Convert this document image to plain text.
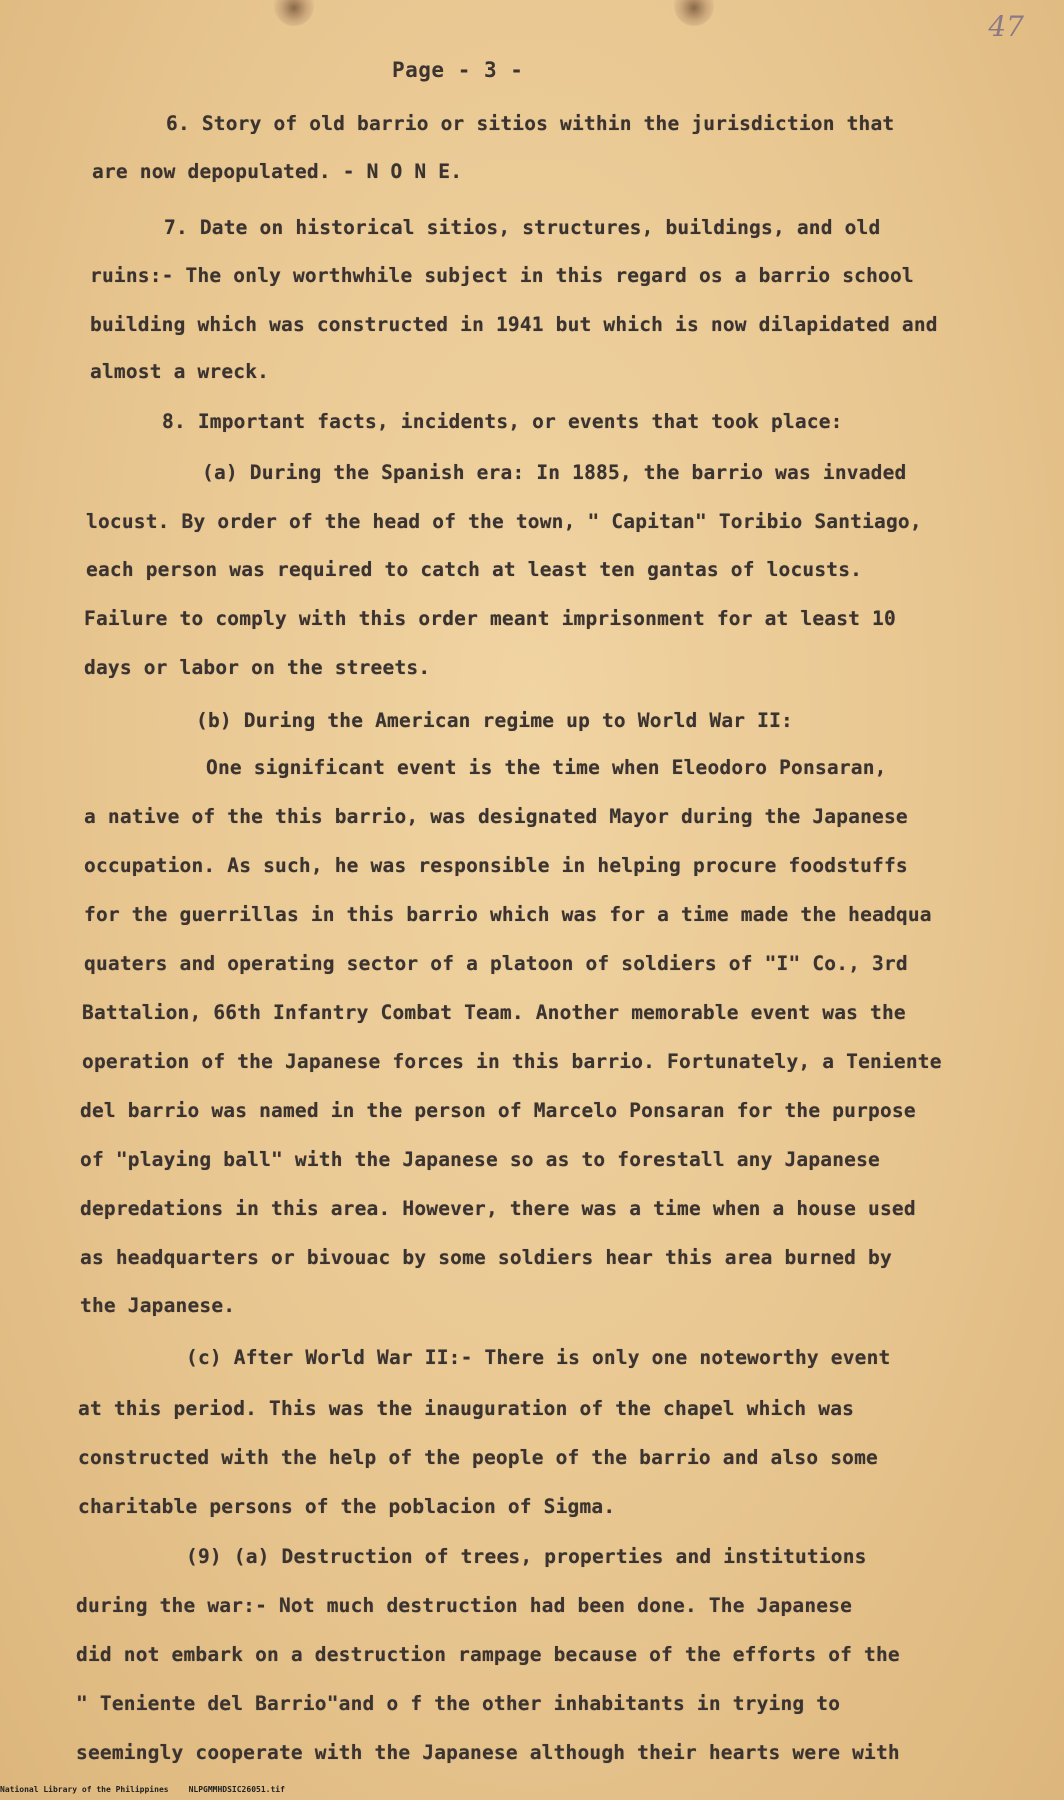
47
Page - 3 -
6. Story of old barrio or sitios within the jurisdiction that
are now depopulated. - N O N E.
7. Date on historical sitios, structures, buildings, and old
ruins:- The only worthwhile subject in this regard os a barrio school
building which was constructed in 1941 but which is now dilapidated and
almost a wreck.
8. Important facts, incidents, or events that took place:
(a) During the Spanish era: In 1885, the barrio was invaded
locust. By order of the head of the town, " Capitan" Toribio Santiago,
each person was required to catch at least ten gantas of locusts.
Failure to comply with this order meant imprisonment for at least 10
days or labor on the streets.
(b) During the American regime up to World War II:
One significant event is the time when Eleodoro Ponsaran,
a native of the this barrio, was designated Mayor during the Japanese
occupation. As such, he was responsible in helping procure foodstuffs
for the guerrillas in this barrio which was for a time made the headqua
quaters and operating sector of a platoon of soldiers of "I" Co., 3rd
Battalion, 66th Infantry Combat Team. Another memorable event was the
operation of the Japanese forces in this barrio. Fortunately, a Teniente
del barrio was named in the person of Marcelo Ponsaran for the purpose
of "playing ball" with the Japanese so as to forestall any Japanese
depredations in this area. However, there was a time when a house used
as headquarters or bivouac by some soldiers hear this area burned by
the Japanese.
(c) After World War II:- There is only one noteworthy event
at this period. This was the inauguration of the chapel which was
constructed with the help of the people of the barrio and also some
charitable persons of the poblacion of Sigma.
(9) (a) Destruction of trees, properties and institutions
during the war:- Not much destruction had been done. The Japanese
did not embark on a destruction rampage because of the efforts of the
" Teniente del Barrio"and o f the other inhabitants in trying to
seemingly cooperate with the Japanese although their hearts were with
National Library of the Philippines	NLPGMMHDSIC26051.tif
